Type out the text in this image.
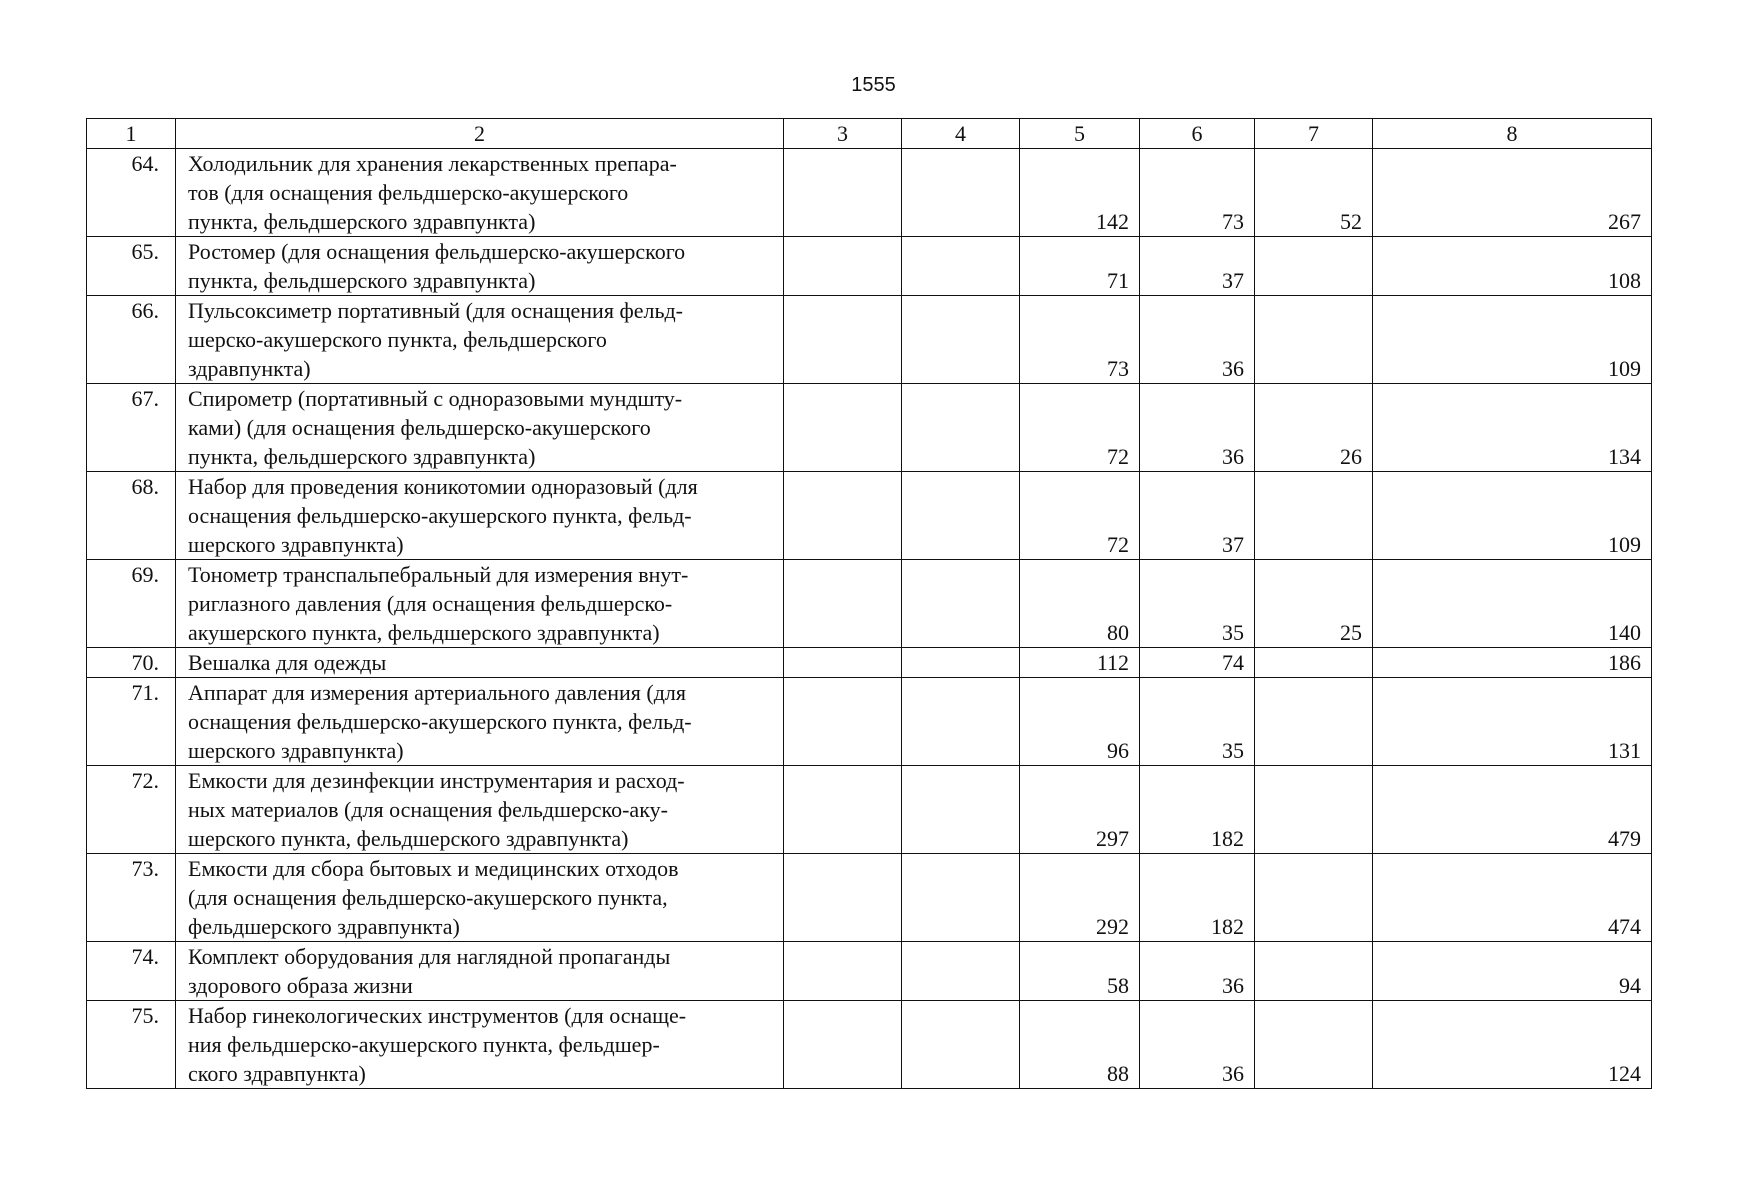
1555
1	2	3	4	5	6	7	8
64.	Холодильник для хранения лекарственных препара-
тов (для оснащения фельдшерско-акушерского
пункта, фельдшерского здравпункта)			142	73	52	267
65.	Ростомер (для оснащения фельдшерско-акушерского
пункта, фельдшерского здравпункта)			71	37		108
66.	Пульсоксиметр портативный (для оснащения фельд-
шерско-акушерского пункта, фельдшерского
здравпункта)			73	36		109
67.	Спирометр (портативный с одноразовыми мундшту-
ками) (для оснащения фельдшерско-акушерского
пункта, фельдшерского здравпункта)			72	36	26	134
68.	Набор для проведения коникотомии одноразовый (для
оснащения фельдшерско-акушерского пункта, фельд-
шерского здравпункта)			72	37		109
69.	Тонометр транспальпебральный для измерения внут-
риглазного давления (для оснащения фельдшерско-
акушерского пункта, фельдшерского здравпункта)			80	35	25	140
70.	Вешалка для одежды			112	74		186
71.	Аппарат для измерения артериального давления (для
оснащения фельдшерско-акушерского пункта, фельд-
шерского здравпункта)			96	35		131
72.	Емкости для дезинфекции инструментария и расход-
ных материалов (для оснащения фельдшерско-аку-
шерского пункта, фельдшерского здравпункта)			297	182		479
73.	Емкости для сбора бытовых и медицинских отходов
(для оснащения фельдшерско-акушерского пункта,
фельдшерского здравпункта)			292	182		474
74.	Комплект оборудования для наглядной пропаганды
здорового образа жизни			58	36		94
75.	Набор гинекологических инструментов (для оснаще-
ния фельдшерско-акушерского пункта, фельдшер-
ского здравпункта)			88	36		124
